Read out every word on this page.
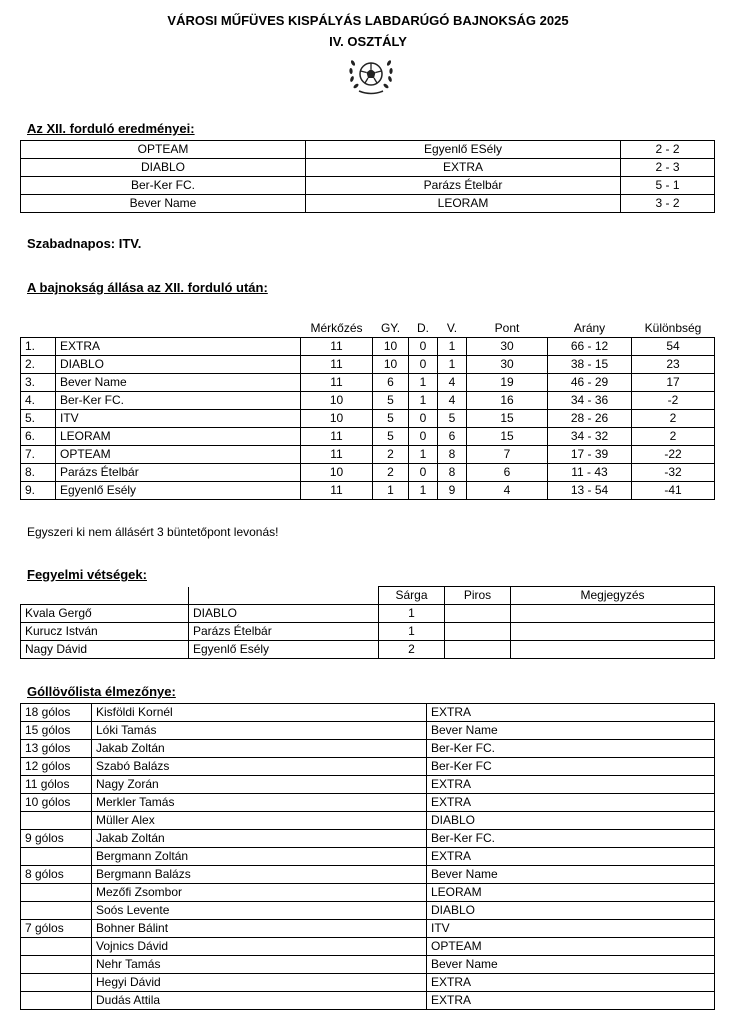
VÁROSI MŰFÜVES KISPÁLYÁS LABDARÚGÓ BAJNOKSÁG 2025
IV. OSZTÁLY
Az XII. forduló eredményei:
OPTEAM	Egyenlő ESély	2 - 2
DIABLO	EXTRA	2 - 3
Ber-Ker FC.	Parázs Ételbár	5 - 1
Bever Name	LEORAM	3 - 2
Szabadnapos: ITV.
A bajnokság állása az XII. forduló után:
		Mérkőzés	GY.	D.	V.	Pont	Arány	Különbség
1.	EXTRA	11	10	0	1	30	66 - 12	54
2.	DIABLO	11	10	0	1	30	38 - 15	23
3.	Bever Name	11	6	1	4	19	46 - 29	17
4.	Ber-Ker FC.	10	5	1	4	16	34 - 36	-2
5.	ITV	10	5	0	5	15	28 - 26	2
6.	LEORAM	11	5	0	6	15	34 - 32	2
7.	OPTEAM	11	2	1	8	7	17 - 39	-22
8.	Parázs Ételbár	10	2	0	8	6	11 - 43	-32
9.	Egyenlő Esély	11	1	1	9	4	13 - 54	-41
Egyszeri ki nem állásért 3 büntetőpont levonás!
Fegyelmi vétségek:
		Sárga	Piros	Megjegyzés
Kvala Gergő	DIABLO	1		
Kurucz István	Parázs Ételbár	1		
Nagy Dávid	Egyenlő Esély	2		
Góllövőlista élmezőnye:
18 gólos	Kisföldi Kornél	EXTRA
15 gólos	Lóki Tamás	Bever Name
13 gólos	Jakab Zoltán	Ber-Ker FC.
12 gólos	Szabó Balázs	Ber-Ker FC
11 gólos	Nagy Zorán	EXTRA
10 gólos	Merkler Tamás	EXTRA
	Müller Alex	DIABLO
9 gólos	Jakab Zoltán	Ber-Ker FC.
	Bergmann Zoltán	EXTRA
8 gólos	Bergmann Balázs	Bever Name
	Mezőfi Zsombor	LEORAM
	Soós Levente	DIABLO
7 gólos	Bohner Bálint	ITV
	Vojnics Dávid	OPTEAM
	Nehr Tamás	Bever Name
	Hegyi Dávid	EXTRA
	Dudás Attila	EXTRA
